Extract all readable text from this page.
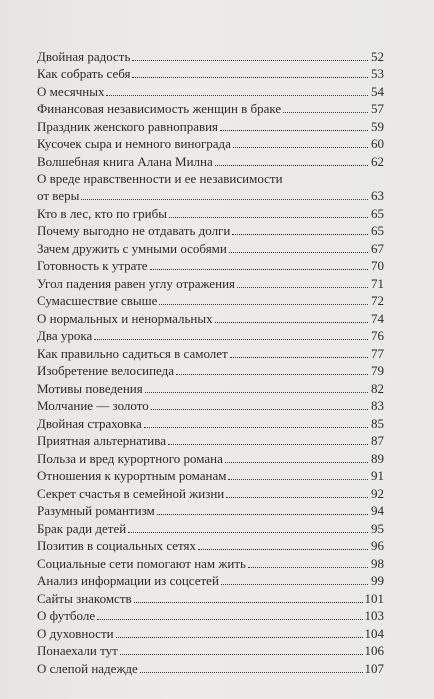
Двойная радость	52
Как собрать себя	53
О месячных	54
Финансовая независимость женщин в браке	57
Праздник женского равноправия	59
Кусочек сыра и немного винограда	60
Волшебная книга Алана Милна	62
О вреде нравственности и ее независимости
от веры	63
Кто в лес, кто по грибы	65
Почему выгодно не отдавать долги	65
Зачем дружить с умными особями	67
Готовность к утрате	70
Угол падения равен углу отражения	71
Сумасшествие свыше	72
О нормальных и ненормальных	74
Два урока	76
Как правильно садиться в самолет	77
Изобретение велосипеда	79
Мотивы поведения	82
Молчание — золото	83
Двойная страховка	85
Приятная альтернатива	87
Польза и вред курортного романа	89
Отношения к курортным романам	91
Секрет счастья в семейной жизни	92
Разумный романтизм	94
Брак ради детей	95
Позитив в социальных сетях	96
Социальные сети помогают нам жить	98
Анализ информации из соцсетей	99
Сайты знакомств	101
О футболе	103
О духовности	104
Понаехали тут	106
О слепой надежде	107
